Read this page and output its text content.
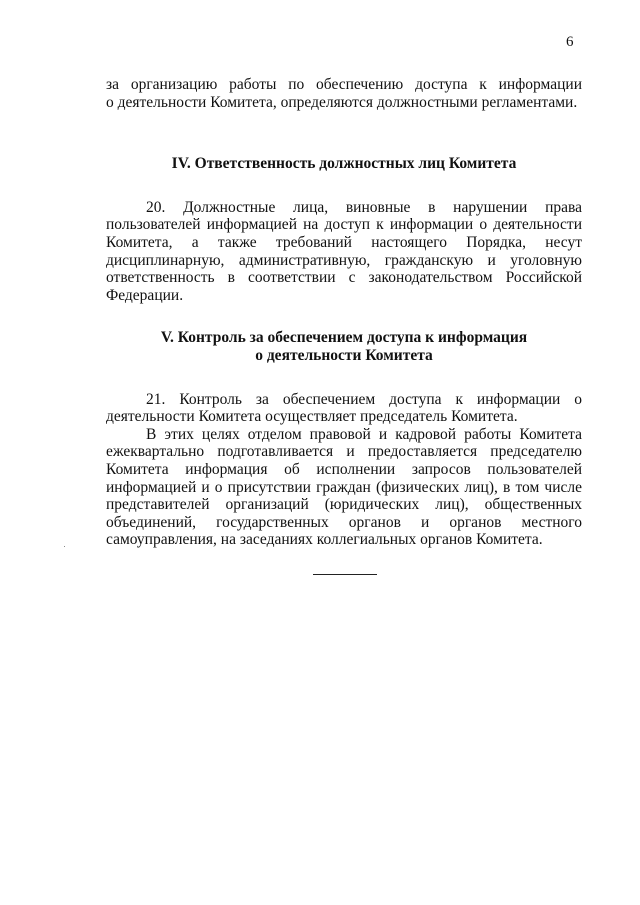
6
за организацию работы по обеспечению доступа к информации
о деятельности Комитета, определяются должностными регламентами.
IV. Ответственность должностных лиц Комитета
20. Должностные лица, виновные в нарушении права
пользователей информацией на доступ к информации о деятельности
Комитета, а также требований настоящего Порядка, несут
дисциплинарную, административную, гражданскую и уголовную
ответственность в соответствии с законодательством Российской
Федерации.
V. Контроль за обеспечением доступа к информация
о деятельности Комитета
21. Контроль за обеспечением доступа к информации о
деятельности Комитета осуществляет председатель Комитета.
В этих целях отделом правовой и кадровой работы Комитета
ежеквартально подготавливается и предоставляется председателю
Комитета информация об исполнении запросов пользователей
информацией и о присутствии граждан (физических лиц), в том числе
представителей организаций (юридических лиц), общественных
объединений, государственных органов и органов местного
самоуправления, на заседаниях коллегиальных органов Комитета.
